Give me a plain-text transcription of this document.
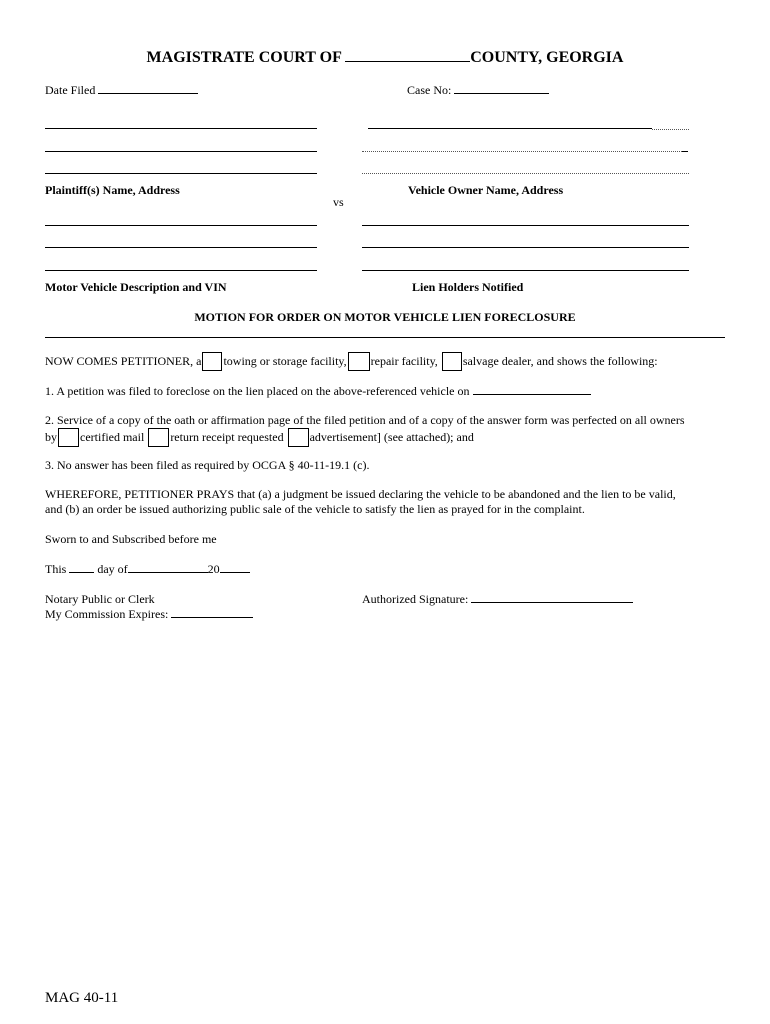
MAGISTRATE COURT OF	COUNTY, GEORGIA
Date Filed	Case No:
Plaintiff(s) Name, Address
vs
Vehicle Owner Name, Address
Motor Vehicle Description and VIN	Lien Holders Notified
MOTION FOR ORDER ON MOTOR VEHICLE LIEN FORECLOSURE
NOW COMES PETITIONER, a towing or storage facility, repair facility, salvage dealer, and shows the following:
1. A petition was filed to foreclose on the lien placed on the above-referenced vehicle on
2. Service of a copy of the oath or affirmation page of the filed petition and of a copy of the answer form was perfected on all owners
by certified mail return receipt requested advertisement] (see attached); and
3. No answer has been filed as required by OCGA § 40-11-19.1 (c).
WHEREFORE, PETITIONER PRAYS that (a) a judgment be issued declaring the vehicle to be abandoned and the lien to be valid,
and (b) an order be issued authorizing public sale of the vehicle to satisfy the lien as prayed for in the complaint.
Sworn to and Subscribed before me
This	day of	20
Notary Public or Clerk
My Commission Expires:
Authorized Signature:
MAG 40-11
